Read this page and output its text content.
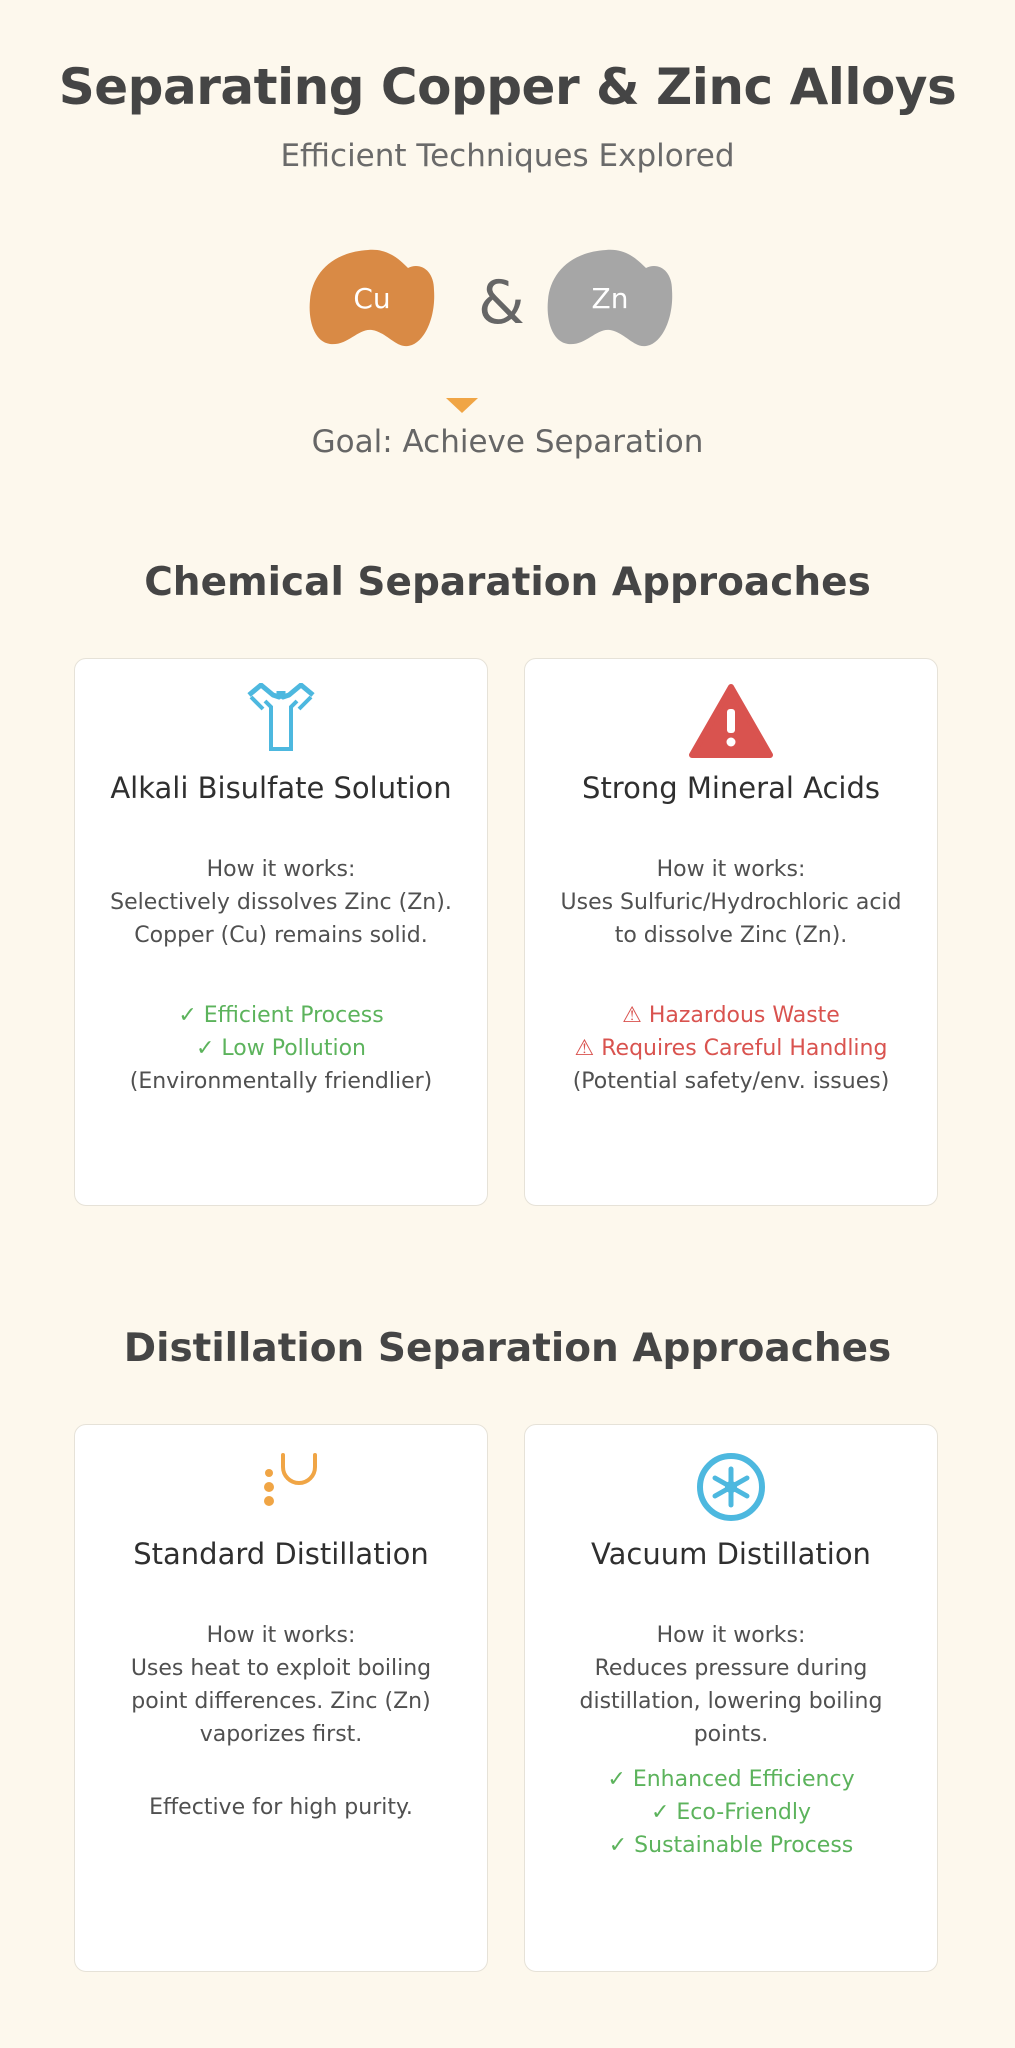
Separating Copper & Zinc Alloys
Efficient Techniques Explored
Cu & Zn
Goal: Achieve Separation
Chemical Separation Approaches
Alkali Bisulfate Solution
How it works:
Selectively dissolves Zinc (Zn).
Copper (Cu) remains solid.
✓ Efficient Process
✓ Low Pollution
(Environmentally friendlier)
Strong Mineral Acids
How it works:
Uses Sulfuric/Hydrochloric acid
to dissolve Zinc (Zn).
⚠ Hazardous Waste
⚠ Requires Careful Handling
(Potential safety/env. issues)
Distillation Separation Approaches
Standard Distillation
How it works:
Uses heat to exploit boiling
point differences. Zinc (Zn)
vaporizes first.
Effective for high purity.
Vacuum Distillation
How it works:
Reduces pressure during
distillation, lowering boiling
points.
✓ Enhanced Efficiency
✓ Eco-Friendly
✓ Sustainable Process
